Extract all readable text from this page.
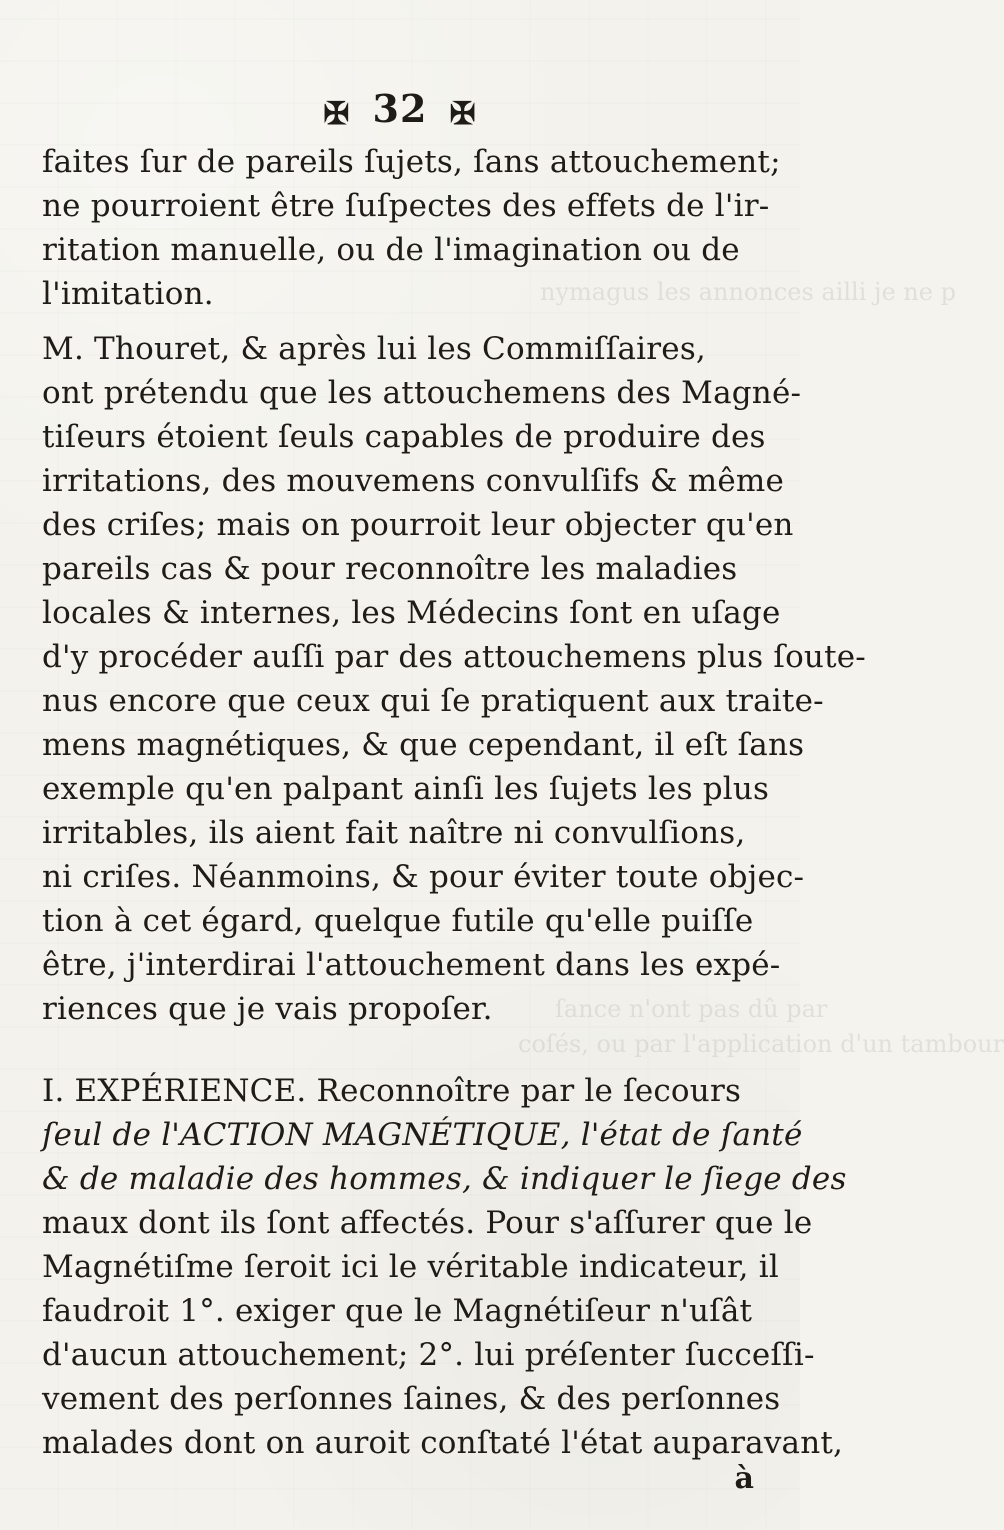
nymagus les annonces ailli je ne p
ſance n'ont pas dû par
coſés, ou par l'application d'un tambour
✠ 32 ✠
faites ſur de pareils ſujets, ſans attouchement;
ne pourroient être ſuſpectes des effets de l'ir-
ritation manuelle, ou de l'imagination ou de
l'imitation.
M. Thouret, & après lui les Commiſſaires,
ont prétendu que les attouchemens des Magné-
tiſeurs étoient ſeuls capables de produire des
irritations, des mouvemens convulſifs & même
des criſes; mais on pourroit leur objecter qu'en
pareils cas & pour reconnoître les maladies
locales & internes, les Médecins ſont en uſage
d'y procéder auſſi par des attouchemens plus ſoute-
nus encore que ceux qui ſe pratiquent aux traite-
mens magnétiques, & que cependant, il eſt ſans
exemple qu'en palpant ainſi les ſujets les plus
irritables, ils aient fait naître ni convulſions,
ni criſes. Néanmoins, & pour éviter toute objec-
tion à cet égard, quelque futile qu'elle puiſſe
être, j'interdirai l'attouchement dans les expé-
riences que je vais propoſer.
I. EXPÉRIENCE. Reconnoître par le ſecours
ſeul de l'ACTION MAGNÉTIQUE, l'état de ſanté
& de maladie des hommes, & indiquer le ſiege des
maux dont ils ſont affectés. Pour s'aſſurer que le
Magnétiſme ſeroit ici le véritable indicateur, il
faudroit 1°. exiger que le Magnétiſeur n'uſât
d'aucun attouchement; 2°. lui préſenter ſucceſſi-
vement des perſonnes ſaines, & des perſonnes
malades dont on auroit conſtaté l'état auparavant,
à
